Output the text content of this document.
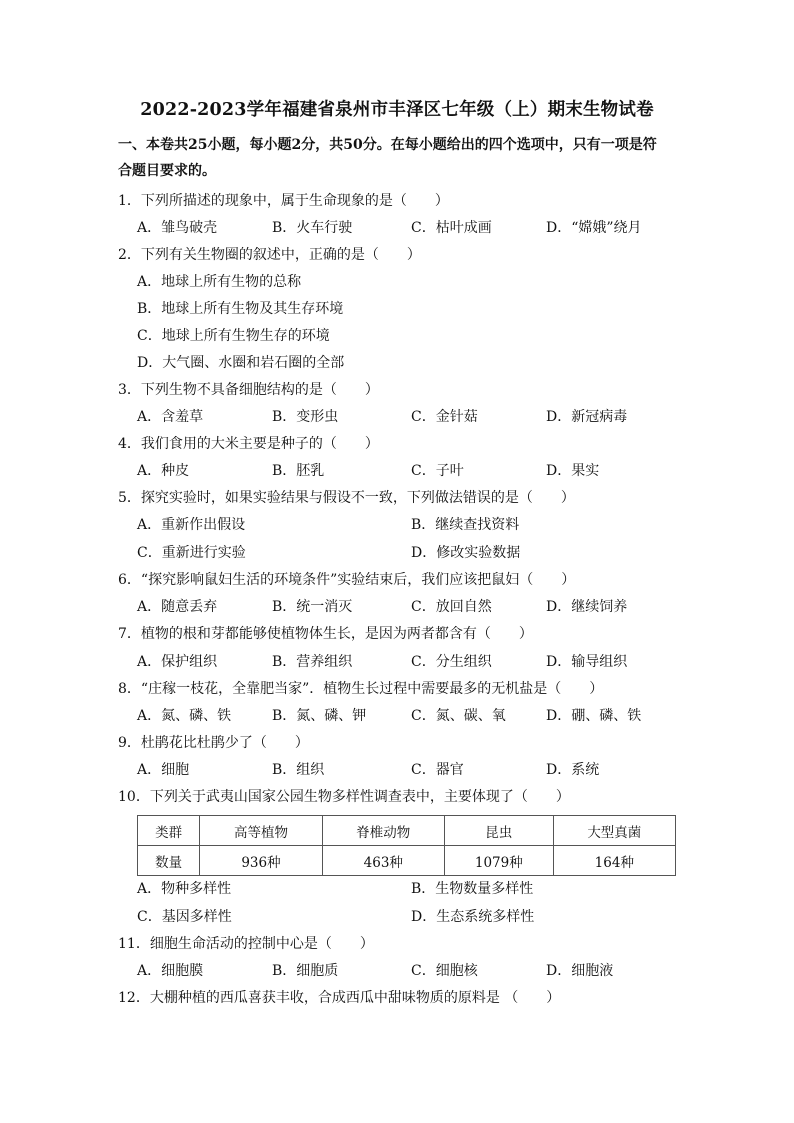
2022-2023学年福建省泉州市丰泽区七年级（上）期末生物试卷
一、本卷共25小题，每小题2分，共50分。在每小题给出的四个选项中，只有一项是符
合题目要求的。
1．下列所描述的现象中，属于生命现象的是（　　）
A．雏鸟破壳	B．火车行驶	C．枯叶成画	D．“嫦娥”绕月
2．下列有关生物圈的叙述中，正确的是（　　）
A．地球上所有生物的总称
B．地球上所有生物及其生存环境
C．地球上所有生物生存的环境
D．大气圈、水圈和岩石圈的全部
3．下列生物不具备细胞结构的是（　　）
A．含羞草	B．变形虫	C．金针菇	D．新冠病毒
4．我们食用的大米主要是种子的（　　）
A．种皮	B．胚乳	C．子叶	D．果实
5．探究实验时，如果实验结果与假设不一致，下列做法错误的是（　　）
A．重新作出假设	B．继续查找资料
C．重新进行实验	D．修改实验数据
6．“探究影响鼠妇生活的环境条件”实验结束后，我们应该把鼠妇（　　）
A．随意丢弃	B．统一消灭	C．放回自然	D．继续饲养
7．植物的根和芽都能够使植物体生长，是因为两者都含有（　　）
A．保护组织	B．营养组织	C．分生组织	D．输导组织
8．“庄稼一枝花，全靠肥当家”．植物生长过程中需要最多的无机盐是（　　）
A．氮、磷、铁	B．氮、磷、钾	C．氮、碳、氧	D．硼、磷、铁
9．杜鹃花比杜鹃少了（　　）
A．细胞	B．组织	C．器官	D．系统
10．下列关于武夷山国家公园生物多样性调查表中，主要体现了（　　）
类群	高等植物	脊椎动物	昆虫	大型真菌
数量	936种	463种	1079种	164种
A．物种多样性	B．生物数量多样性
C．基因多样性	D．生态系统多样性
11．细胞生命活动的控制中心是（　　）
A．细胞膜	B．细胞质	C．细胞核	D．细胞液
12．大棚种植的西瓜喜获丰收，合成西瓜中甜味物质的原料是 （　　）
